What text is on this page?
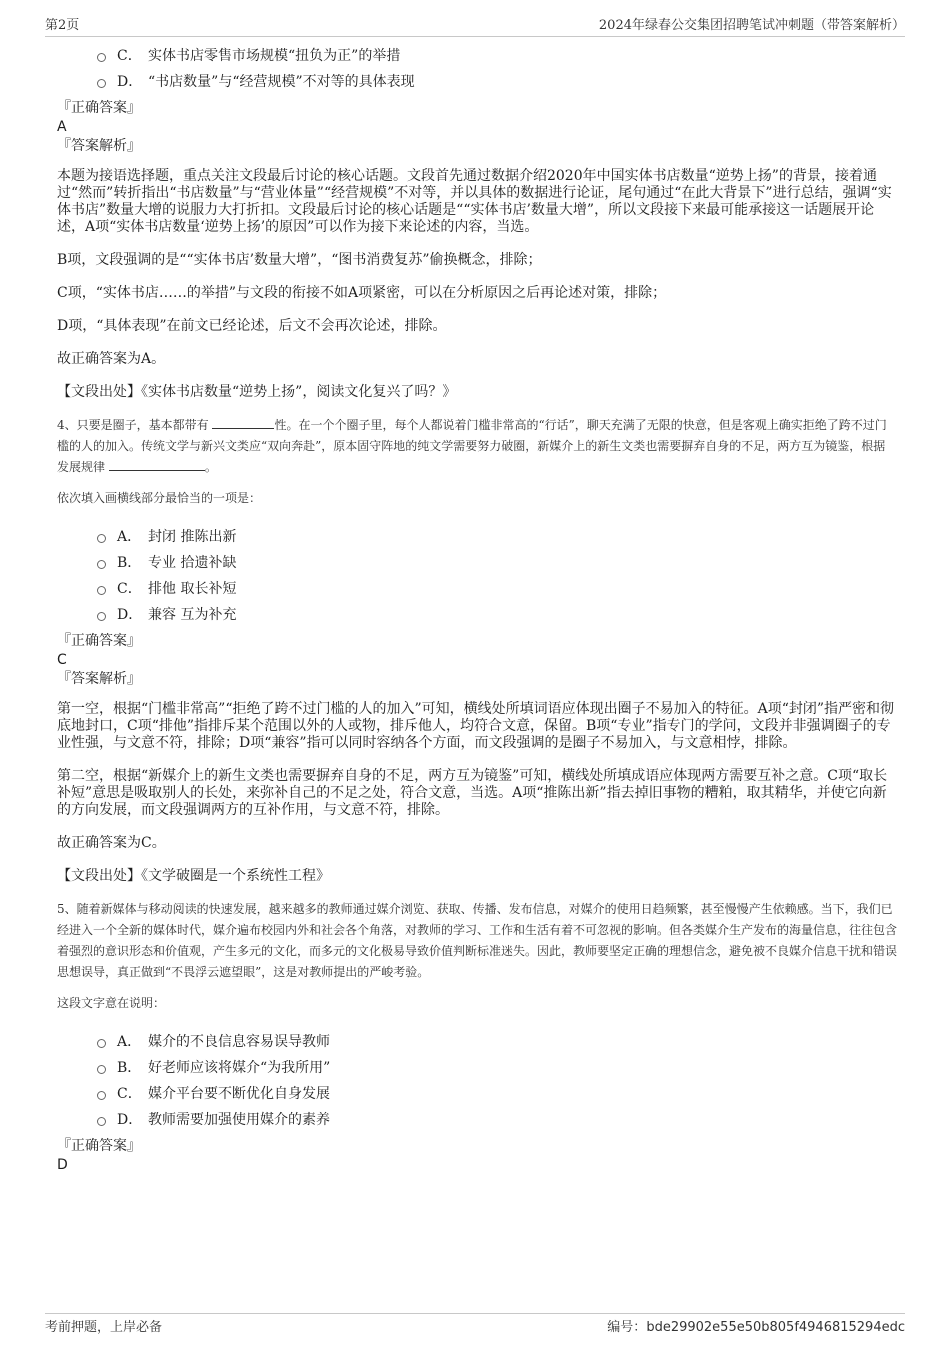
第2页	2024年绿春公交集团招聘笔试冲刺题（带答案解析）
C． 实体书店零售市场规模“扭负为正”的举措
D． “书店数量”与“经营规模”不对等的具体表现

『正确答案』

A

『答案解析』

本题为接语选择题，重点关注文段最后讨论的核心话题。文段首先通过数据介绍2020年中国实体书店数量“逆势上扬”的背景，接着通过“然而”转折指出“书店数量”与“营业体量”“经营规模”不对等，并以具体的数据进行论证，尾句通过“在此大背景下”进行总结，强调“实体书店”数量大增的说服力大打折扣。文段最后讨论的核心话题是““实体书店’数量大增”，所以文段接下来最可能承接这一话题展开论述，A项“实体书店数量‘逆势上扬’的原因”可以作为接下来论述的内容，当选。

B项，文段强调的是““实体书店’数量大增”，“图书消费复苏”偷换概念，排除；

C项，“实体书店……的举措”与文段的衔接不如A项紧密，可以在分析原因之后再论述对策，排除；

D项，“具体表现”在前文已经论述，后文不会再次论述，排除。

故正确答案为A。

【文段出处】《实体书店数量“逆势上扬”，阅读文化复兴了吗？》

4、只要是圈子，基本都带有	性。在一个个圈子里，每个人都说着门槛非常高的“行话”，聊天充满了无限的快意，但是客观上确实拒绝了跨不过门槛的人的加入。传统文学与新兴文类应“双向奔赴”，原本固守阵地的纯文学需要努力破圈，新媒介上的新生文类也需要摒弃自身的不足，两方互为镜鉴，根据发展规律	。

依次填入画横线部分最恰当的一项是：

A． 封闭 推陈出新
B． 专业 拾遗补缺
C． 排他 取长补短
D． 兼容 互为补充

『正确答案』

C

『答案解析』

第一空，根据“门槛非常高”“拒绝了跨不过门槛的人的加入”可知，横线处所填词语应体现出圈子不易加入的特征。A项“封闭”指严密和彻底地封口，C项“排他”指排斥某个范围以外的人或物，排斥他人，均符合文意，保留。B项“专业”指专门的学问，文段并非强调圈子的专业性强，与文意不符，排除；D项“兼容”指可以同时容纳各个方面，而文段强调的是圈子不易加入，与文意相悖，排除。

第二空，根据“新媒介上的新生文类也需要摒弃自身的不足，两方互为镜鉴”可知，横线处所填成语应体现两方需要互补之意。C项“取长补短”意思是吸取别人的长处，来弥补自己的不足之处，符合文意，当选。A项“推陈出新”指去掉旧事物的糟粕，取其精华，并使它向新的方向发展，而文段强调两方的互补作用，与文意不符，排除。

故正确答案为C。

【文段出处】《文学破圈是一个系统性工程》

5、随着新媒体与移动阅读的快速发展，越来越多的教师通过媒介浏览、获取、传播、发布信息，对媒介的使用日趋频繁，甚至慢慢产生依赖感。当下，我们已经进入一个全新的媒体时代，媒介遍布校园内外和社会各个角落，对教师的学习、工作和生活有着不可忽视的影响。但各类媒介生产发布的海量信息，往往包含着强烈的意识形态和价值观，产生多元的文化，而多元的文化极易导致价值判断标准迷失。因此，教师要坚定正确的理想信念，避免被不良媒介信息干扰和错误思想误导，真正做到“不畏浮云遮望眼”，这是对教师提出的严峻考验。

这段文字意在说明：

A． 媒介的不良信息容易误导教师
B． 好老师应该将媒介“为我所用”
C． 媒介平台要不断优化自身发展
D． 教师需要加强使用媒介的素养

『正确答案』

D
考前押题，上岸必备	编号：bde29902e55e50b805f4946815294edc
